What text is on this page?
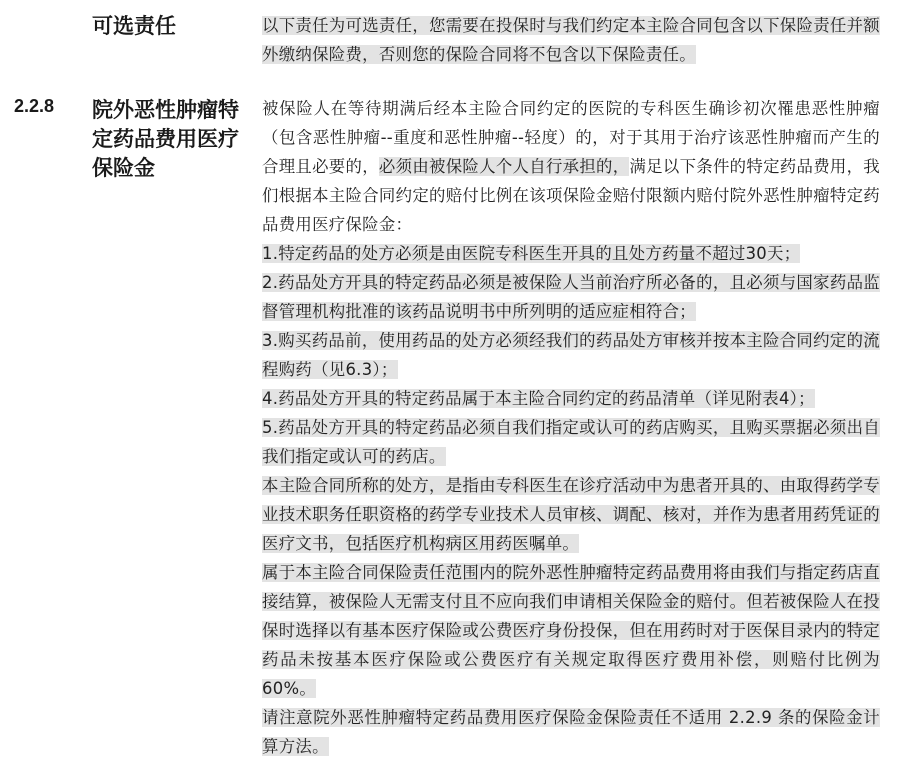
可选责任	以下责任为可选责任，您需要在投保时与我们约定本主险合同包含以下保险责任并额外缴纳保险费，否则您的保险合同将不包含以下保险责任。

2.2.8 院外恶性肿瘤特定药品费用医疗保险金

被保险人在等待期满后经本主险合同约定的医院的专科医生确诊初次罹患恶性肿瘤（包含恶性肿瘤--重度和恶性肿瘤--轻度）的，对于其用于治疗该恶性肿瘤而产生的合理且必要的，必须由被保险人个人自行承担的，满足以下条件的特定药品费用，我们根据本主险合同约定的赔付比例在该项保险金赔付限额内赔付院外恶性肿瘤特定药品费用医疗保险金：

1.特定药品的处方必须是由医院专科医生开具的且处方药量不超过30天；

2.药品处方开具的特定药品必须是被保险人当前治疗所必备的，且必须与国家药品监督管理机构批准的该药品说明书中所列明的适应症相符合；

3.购买药品前，使用药品的处方必须经我们的药品处方审核并按本主险合同约定的流程购药（见6.3）；

4.药品处方开具的特定药品属于本主险合同约定的药品清单（详见附表4）；

5.药品处方开具的特定药品必须自我们指定或认可的药店购买，且购买票据必须出自我们指定或认可的药店。

本主险合同所称的处方，是指由专科医生在诊疗活动中为患者开具的、由取得药学专业技术职务任职资格的药学专业技术人员审核、调配、核对，并作为患者用药凭证的医疗文书，包括医疗机构病区用药医嘱单。

属于本主险合同保险责任范围内的院外恶性肿瘤特定药品费用将由我们与指定药店直接结算，被保险人无需支付且不应向我们申请相关保险金的赔付。但若被保险人在投保时选择以有基本医疗保险或公费医疗身份投保，但在用药时对于医保目录内的特定药品未按基本医疗保险或公费医疗有关规定取得医疗费用补偿，则赔付比例为 60%。

请注意院外恶性肿瘤特定药品费用医疗保险金保险责任不适用 2.2.9 条的保险金计算方法。
